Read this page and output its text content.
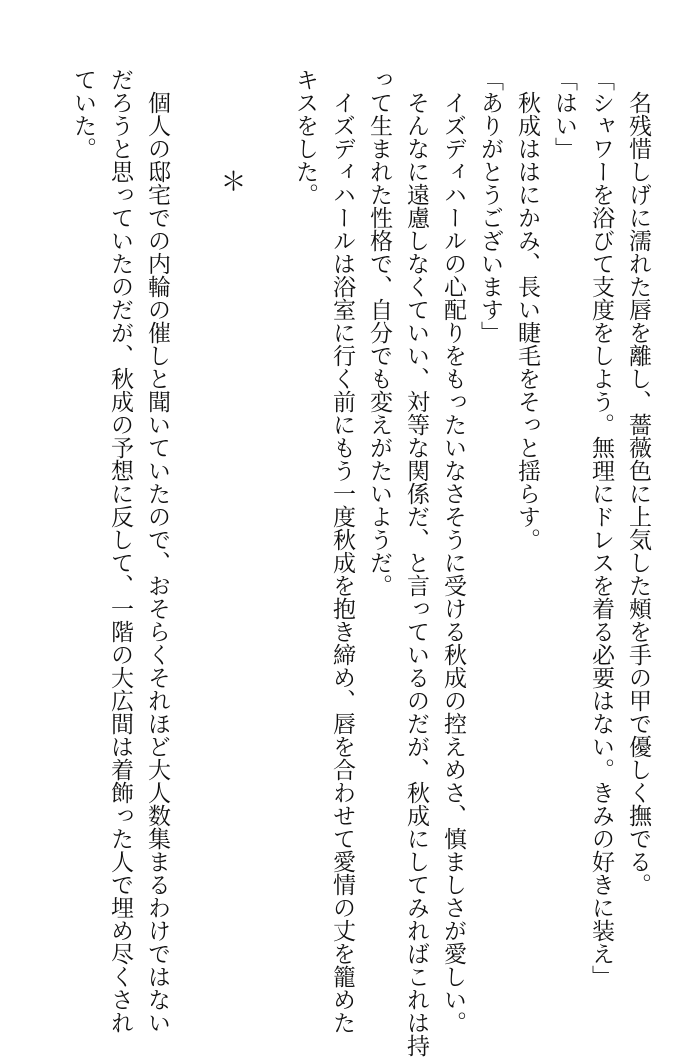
名残惜しげに濡れた唇を離し、薔薇色に上気した頰を手の甲で優しく撫でる。
「シャワーを浴びて支度をしよう。無理にドレスを着る必要はない。きみの好きに装え」
「はい」
秋成ははにかみ、長い睫毛をそっと揺らす。
「ありがとうございます」
イズディハールの心配りをもったいなさそうに受ける秋成の控えめさ、慎ましさが愛しい。
そんなに遠慮しなくていい、対等な関係だ、と言っているのだが、秋成にしてみればこれは持
って生まれた性格で、自分でも変えがたいようだ。
イズディハールは浴室に行く前にもう一度秋成を抱き締め、唇を合わせて愛情の丈を籠めた
キスをした。
＊
個人の邸宅での内輪の催しと聞いていたので、おそらくそれほど大人数集まるわけではない
だろうと思っていたのだが、秋成の予想に反して、一階の大広間は着飾った人で埋め尽くされ
ていた。
